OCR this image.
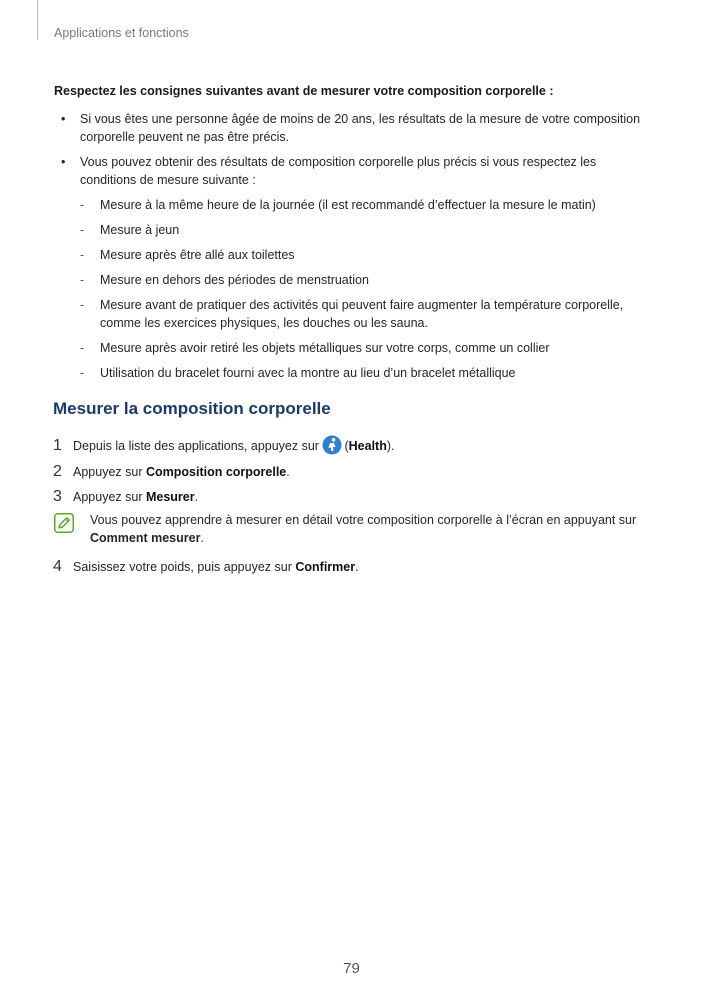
Applications et fonctions
Respectez les consignes suivantes avant de mesurer votre composition corporelle :
• Si vous êtes une personne âgée de moins de 20 ans, les résultats de la mesure de votre composition corporelle peuvent ne pas être précis.
• Vous pouvez obtenir des résultats de composition corporelle plus précis si vous respectez les conditions de mesure suivante :
- Mesure à la même heure de la journée (il est recommandé d’effectuer la mesure le matin)
- Mesure à jeun
- Mesure après être allé aux toilettes
- Mesure en dehors des périodes de menstruation
- Mesure avant de pratiquer des activités qui peuvent faire augmenter la température corporelle, comme les exercices physiques, les douches ou les sauna.
- Mesure après avoir retiré les objets métalliques sur votre corps, comme un collier
- Utilisation du bracelet fourni avec la montre au lieu d’un bracelet métallique
Mesurer la composition corporelle
1 Depuis la liste des applications, appuyez sur (Health).
2 Appuyez sur Composition corporelle.
3 Appuyez sur Mesurer.
Vous pouvez apprendre à mesurer en détail votre composition corporelle à l’écran en appuyant sur Comment mesurer.
4 Saisissez votre poids, puis appuyez sur Confirmer.
79
